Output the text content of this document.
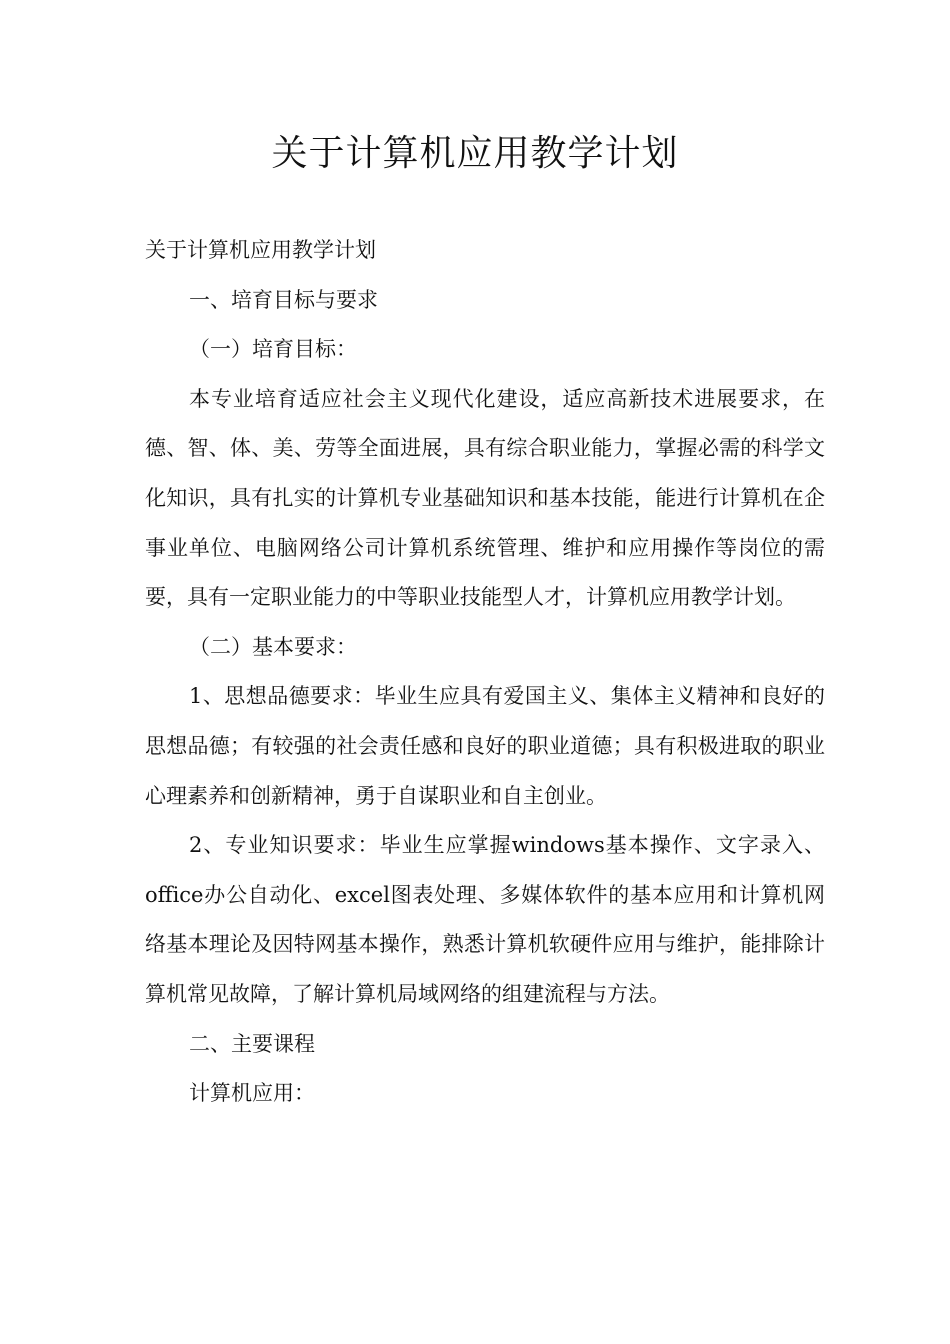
关于计算机应用教学计划

关于计算机应用教学计划

一、培育目标与要求

（一）培育目标：

本专业培育适应社会主义现代化建设，适应高新技术进展要求，在德、智、体、美、劳等全面进展，具有综合职业能力，掌握必需的科学文化知识，具有扎实的计算机专业基础知识和基本技能，能进行计算机在企事业单位、电脑网络公司计算机系统管理、维护和应用操作等岗位的需要，具有一定职业能力的中等职业技能型人才，计算机应用教学计划。

（二）基本要求：

1、思想品德要求：毕业生应具有爱国主义、集体主义精神和良好的思想品德；有较强的社会责任感和良好的职业道德；具有积极进取的职业心理素养和创新精神，勇于自谋职业和自主创业。

2、专业知识要求：毕业生应掌握windows基本操作、文字录入、office办公自动化、excel图表处理、多媒体软件的基本应用和计算机网络基本理论及因特网基本操作，熟悉计算机软硬件应用与维护，能排除计算机常见故障，了解计算机局域网络的组建流程与方法。

二、主要课程

计算机应用：
